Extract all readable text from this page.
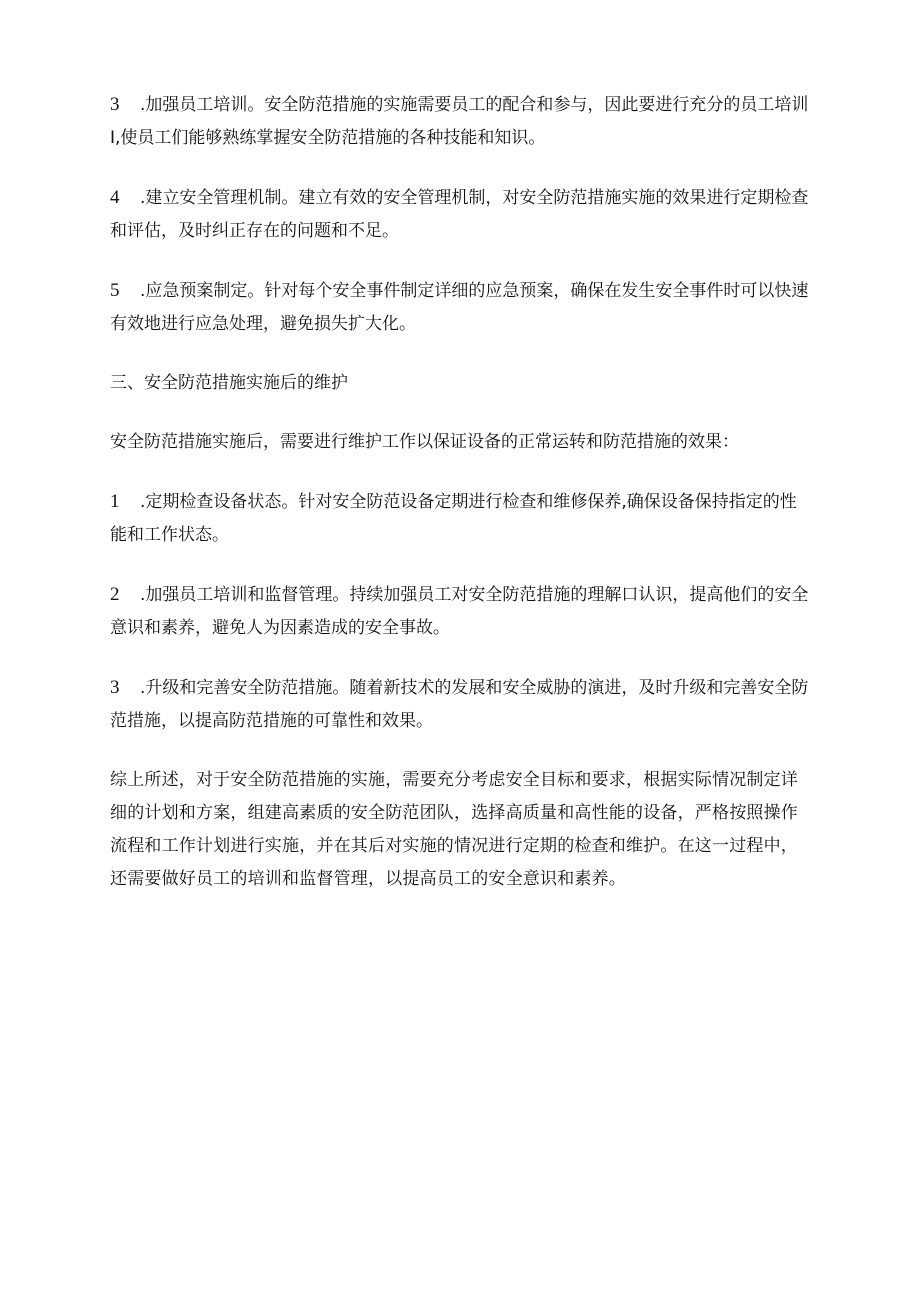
3 .加强员工培训。安全防范措施的实施需要员工的配合和参与，因此要进行充分的员工培训I,使员工们能够熟练掌握安全防范措施的各种技能和知识。

4 .建立安全管理机制。建立有效的安全管理机制，对安全防范措施实施的效果进行定期检查和评估，及时纠正存在的问题和不足。

5 .应急预案制定。针对每个安全事件制定详细的应急预案，确保在发生安全事件时可以快速有效地进行应急处理，避免损失扩大化。

三、安全防范措施实施后的维护

安全防范措施实施后，需要进行维护工作以保证设备的正常运转和防范措施的效果：

1 .定期检查设备状态。针对安全防范设备定期进行检查和维修保养,确保设备保持指定的性能和工作状态。

2 .加强员工培训和监督管理。持续加强员工对安全防范措施的理解口认识，提高他们的安全意识和素养，避免人为因素造成的安全事故。

3 .升级和完善安全防范措施。随着新技术的发展和安全威胁的演进，及时升级和完善安全防范措施，以提高防范措施的可靠性和效果。

综上所述，对于安全防范措施的实施，需要充分考虑安全目标和要求，根据实际情况制定详细的计划和方案，组建高素质的安全防范团队，选择高质量和高性能的设备，严格按照操作流程和工作计划进行实施，并在其后对实施的情况进行定期的检查和维护。在这一过程中，还需要做好员工的培训和监督管理，以提高员工的安全意识和素养。
